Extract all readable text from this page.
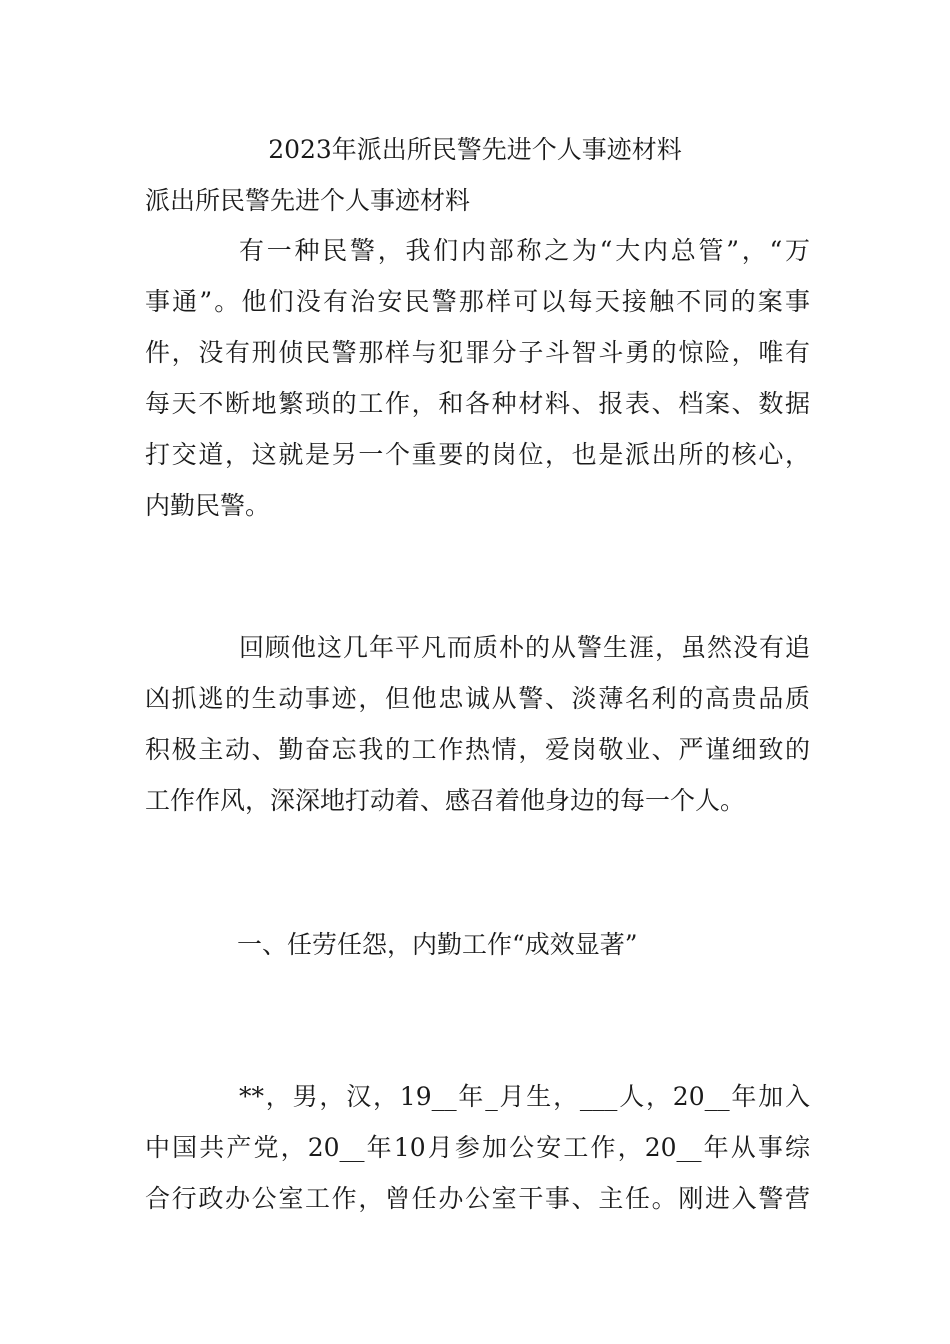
2023年派出所民警先进个人事迹材料
派出所民警先进个人事迹材料
有一种民警，我们内部称之为“大内总管”，“万
事通”。他们没有治安民警那样可以每天接触不同的案事
件，没有刑侦民警那样与犯罪分子斗智斗勇的惊险，唯有
每天不断地繁琐的工作，和各种材料、报表、档案、数据
打交道，这就是另一个重要的岗位，也是派出所的核心，
内勤民警。
回顾他这几年平凡而质朴的从警生涯，虽然没有追
凶抓逃的生动事迹，但他忠诚从警、淡薄名利的高贵品质
积极主动、勤奋忘我的工作热情，爱岗敬业、严谨细致的
工作作风，深深地打动着、感召着他身边的每一个人。
一、任劳任怨，内勤工作“成效显著”
**，男，汉，19__年_月生，___人，20__年加入
中国共产党，20__年10月参加公安工作，20__年从事综
合行政办公室工作，曾任办公室干事、主任。刚进入警营
